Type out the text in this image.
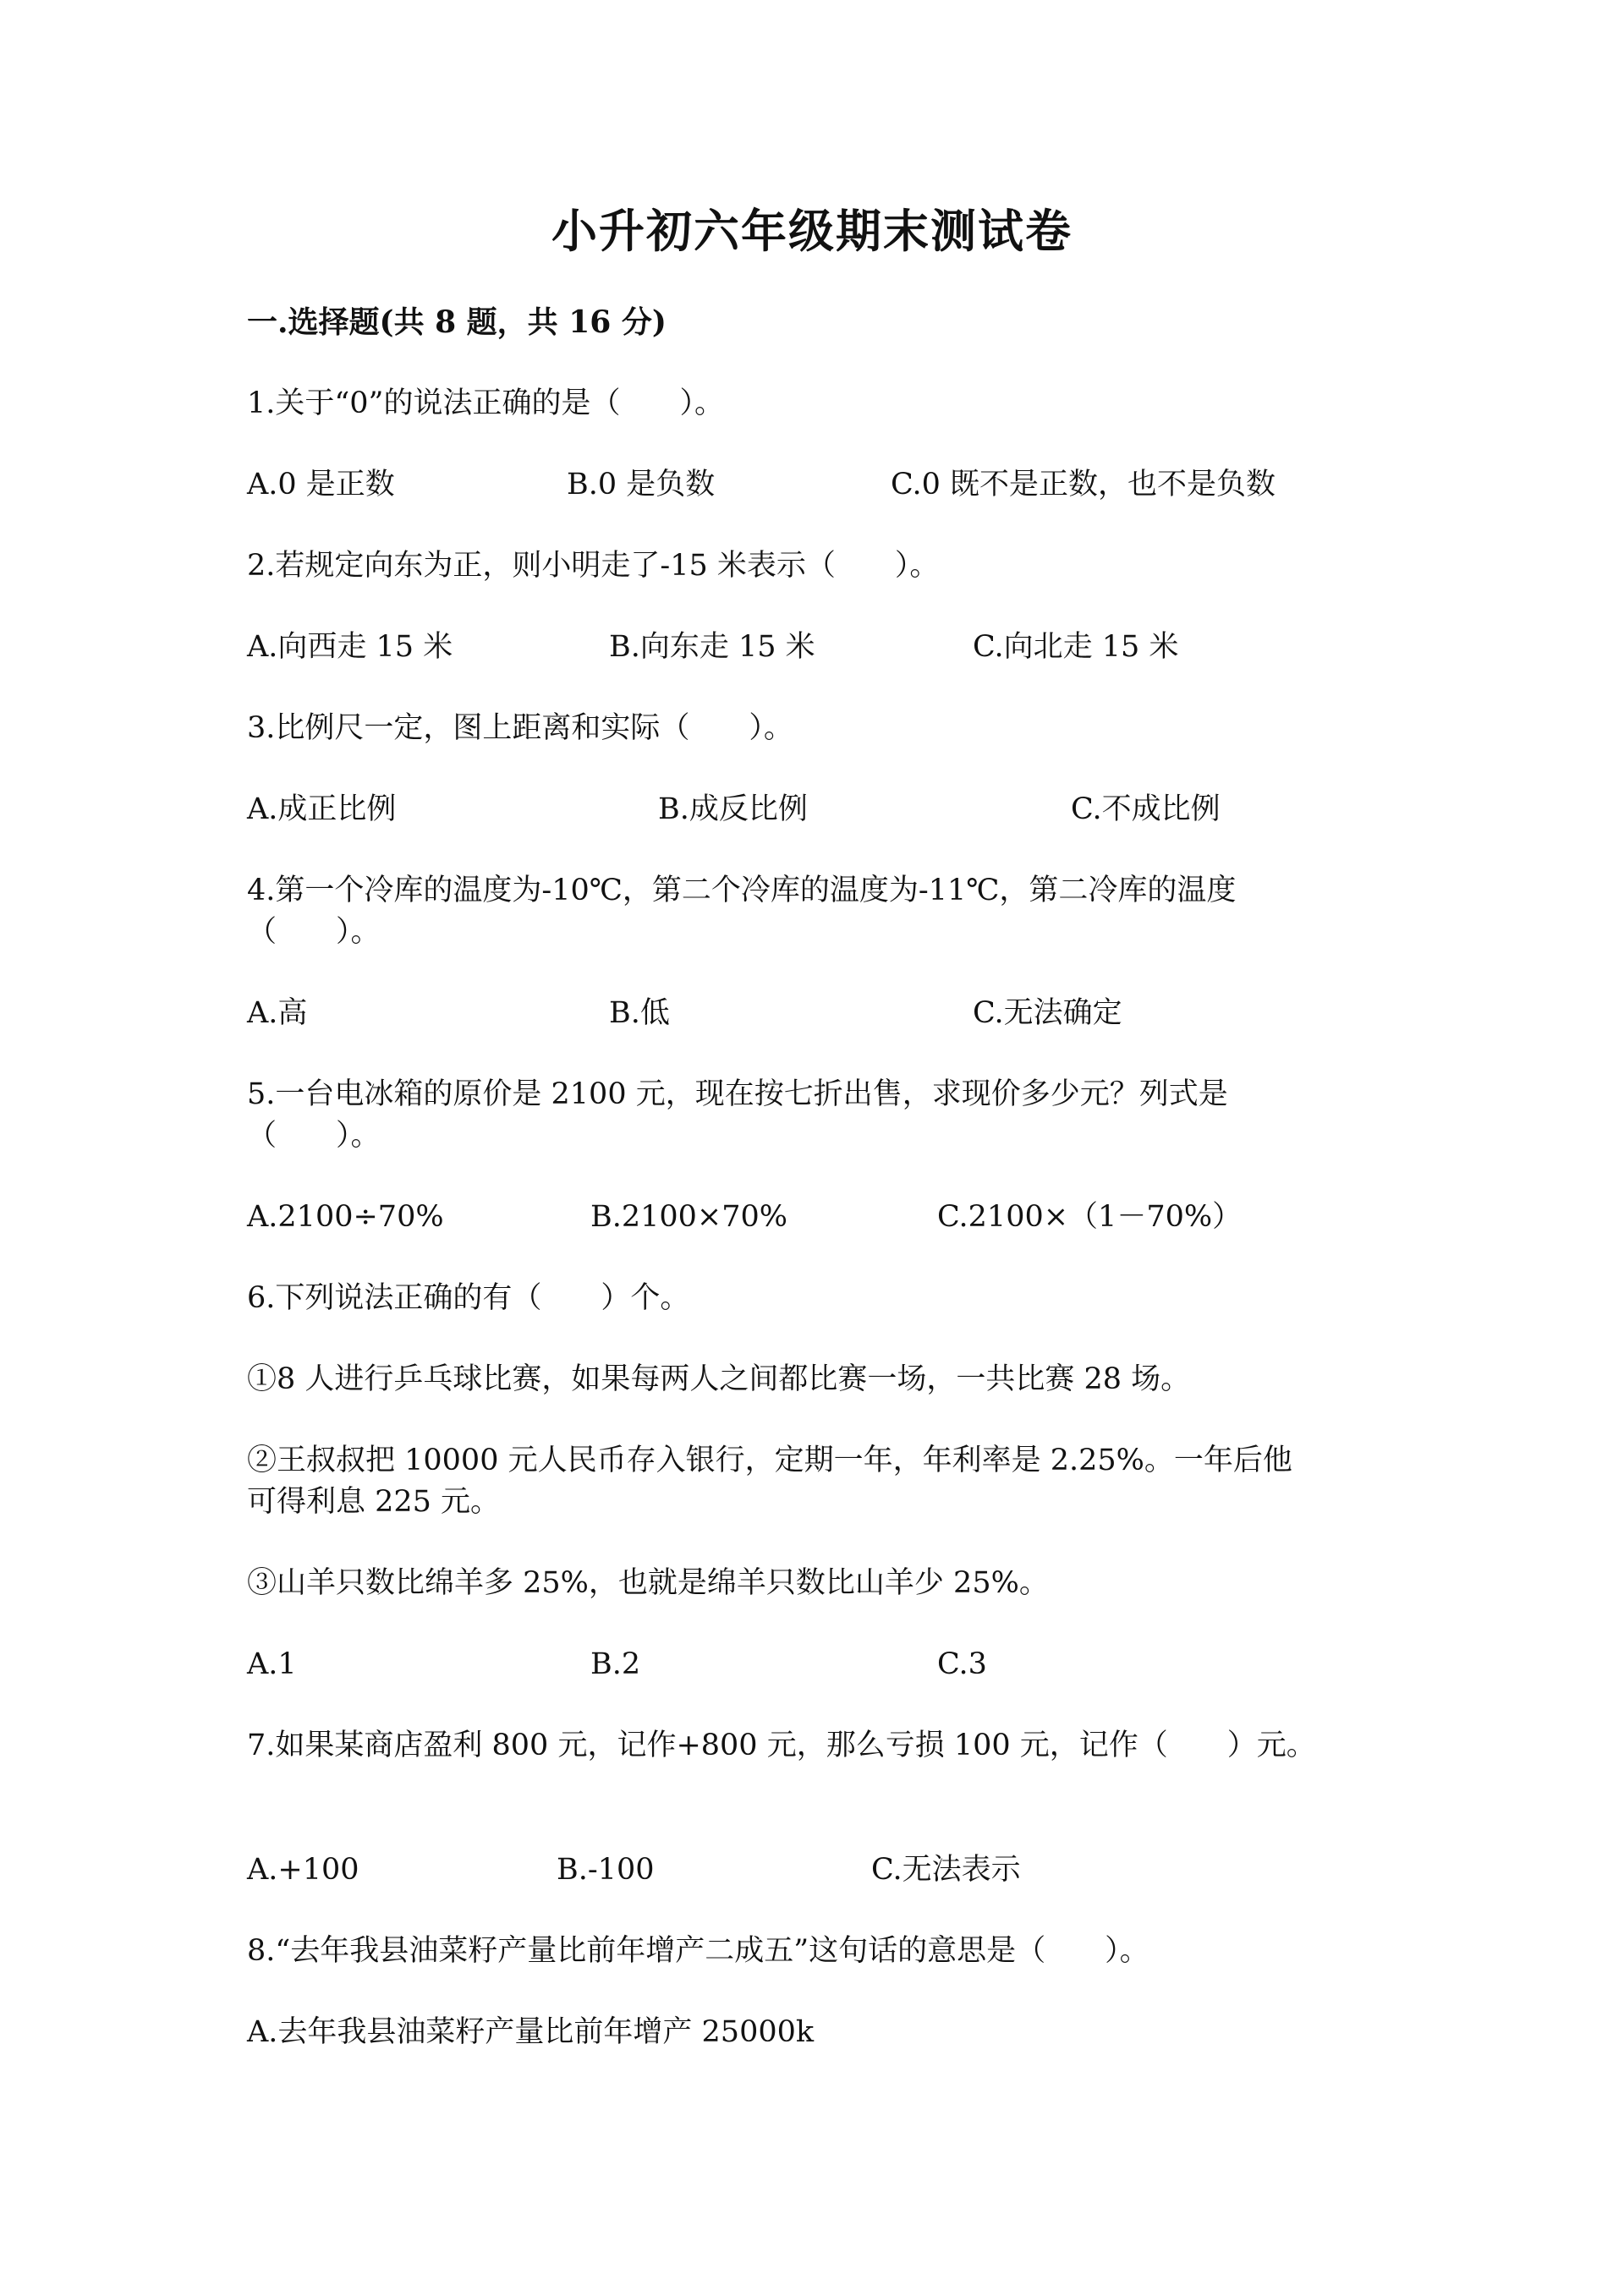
小升初六年级期末测试卷
一.选择题(共 8 题，共 16 分)
1.关于“0”的说法正确的是（　　）。
A.0 是正数	B.0 是负数	C.0 既不是正数，也不是负数
2.若规定向东为正，则小明走了-15 米表示（　　）。
A.向西走 15 米	B.向东走 15 米	C.向北走 15 米
3.比例尺一定，图上距离和实际（　　）。
A.成正比例	B.成反比例	C.不成比例
4.第一个冷库的温度为-10℃，第二个冷库的温度为-11℃，第二冷库的温度
（　　）。
A.高	B.低	C.无法确定
5.一台电冰箱的原价是 2100 元，现在按七折出售，求现价多少元？列式是
（　　）。
A.2100÷70%	B.2100×70%	C.2100×（1－70%）
6.下列说法正确的有（　　）个。
①8 人进行乒乓球比赛，如果每两人之间都比赛一场，一共比赛 28 场。
②王叔叔把 10000 元人民币存入银行，定期一年，年利率是 2.25%。一年后他
可得利息 225 元。
③山羊只数比绵羊多 25%，也就是绵羊只数比山羊少 25%。
A.1	B.2	C.3
7.如果某商店盈利 800 元，记作+800 元，那么亏损 100 元，记作（　　）元。
A.+100	B.-100	C.无法表示
8.“去年我县油菜籽产量比前年增产二成五”这句话的意思是（　　）。
A.去年我县油菜籽产量比前年增产 25000k
